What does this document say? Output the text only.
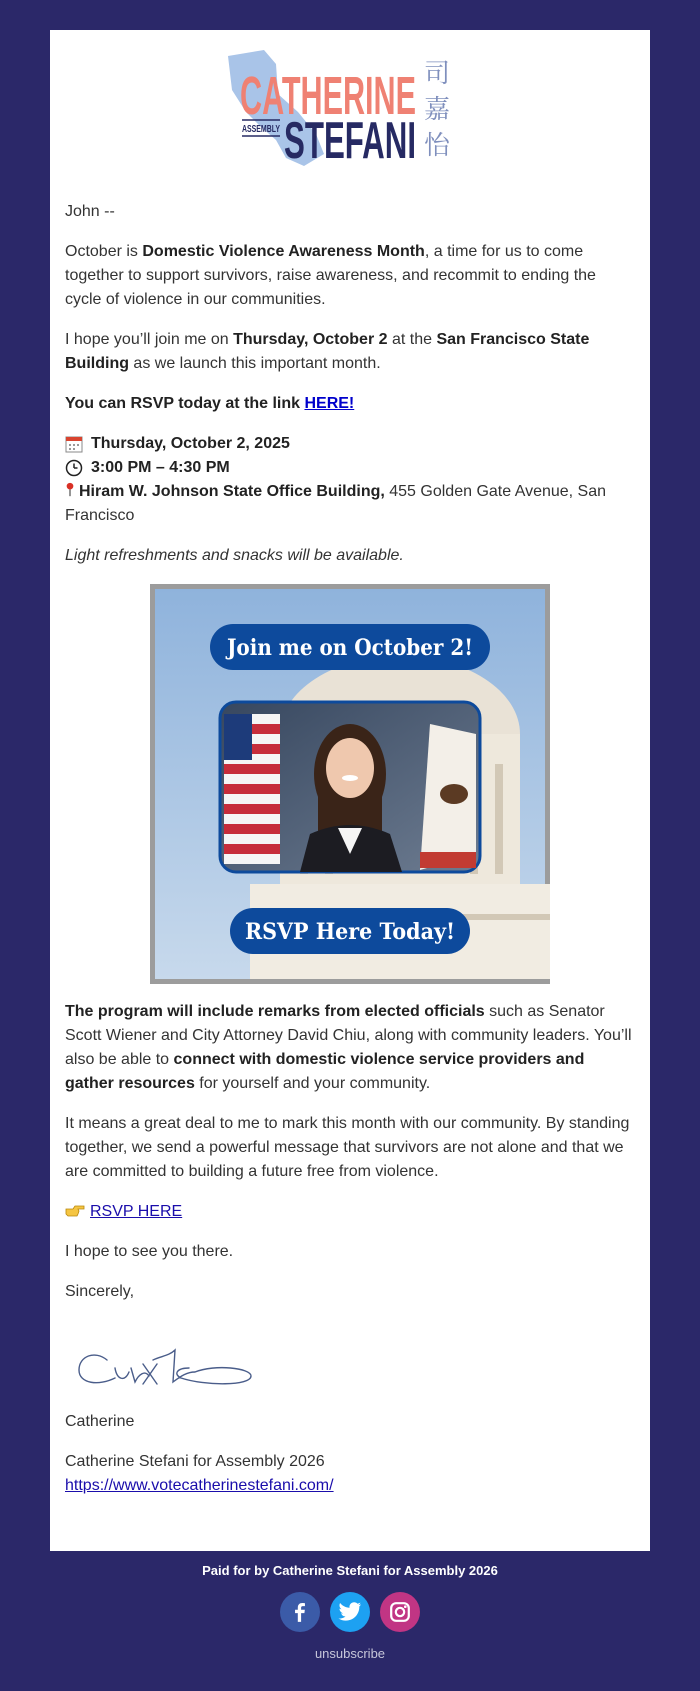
CATHERINE
ASSEMBLY STEFANI
司
嘉
怡

John --

October is Domestic Violence Awareness Month, a time for us to come together to support survivors, raise awareness, and recommit to ending the cycle of violence in our communities.

I hope you’ll join me on Thursday, October 2 at the San Francisco State Building as we launch this important month.

You can RSVP today at the link HERE!

Thursday, October 2, 2025
3:00 PM – 4:30 PM
Hiram W. Johnson State Office Building, 455 Golden Gate Avenue, San Francisco

Light refreshments and snacks will be available.

Join me on October 2!
RSVP Here Today!

The program will include remarks from elected officials such as Senator Scott Wiener and City Attorney David Chiu, along with community leaders. You’ll also be able to connect with domestic violence service providers and gather resources for yourself and your community.

It means a great deal to me to mark this month with our community. By standing together, we send a powerful message that survivors are not alone and that we are committed to building a future free from violence.

RSVP HERE

I hope to see you there.

Sincerely,

Catherine

Catherine Stefani for Assembly 2026
https://www.votecatherinestefani.com/

Paid for by Catherine Stefani for Assembly 2026
unsubscribe
